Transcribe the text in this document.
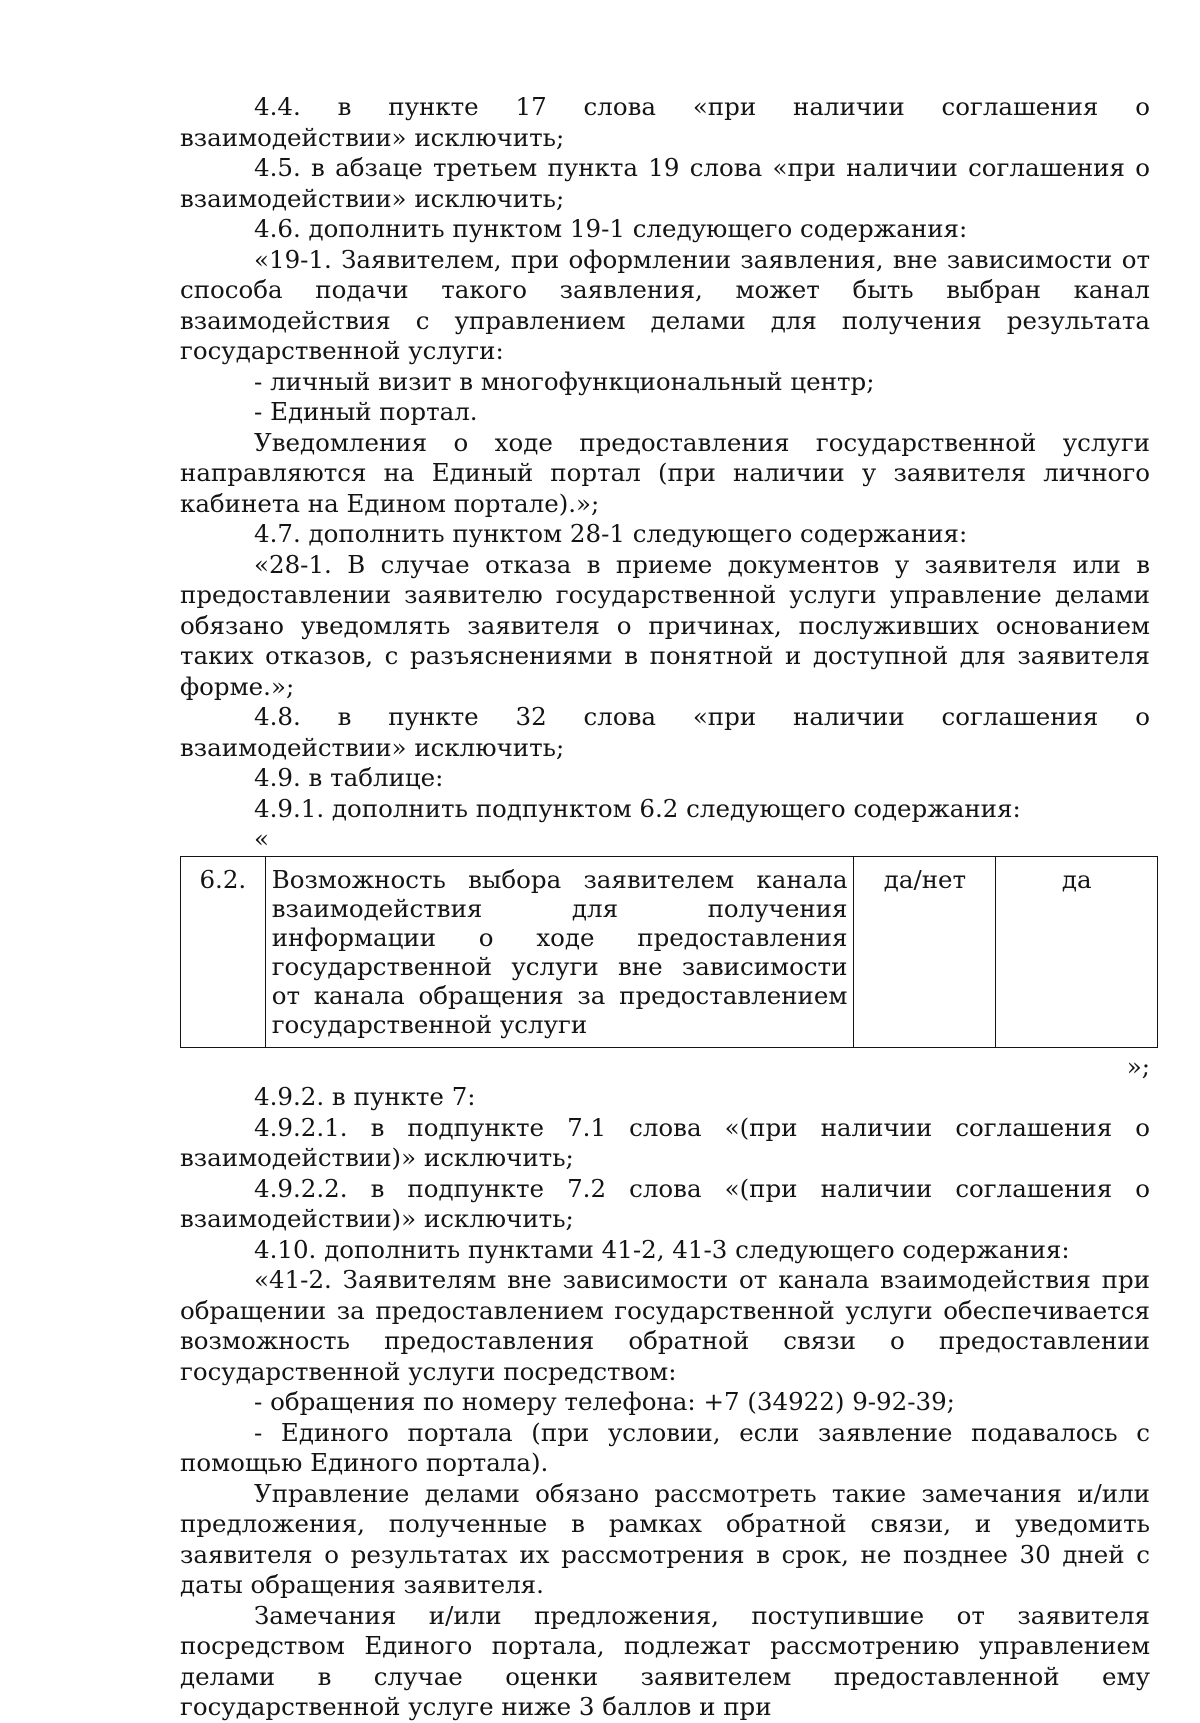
4.4. в пункте 17 слова «при наличии соглашения о взаимодействии» исключить;

4.5. в абзаце третьем пункта 19 слова «при наличии соглашения о взаимодействии» исключить;

4.6. дополнить пунктом 19-1 следующего содержания:

«19-1. Заявителем, при оформлении заявления, вне зависимости от способа подачи такого заявления, может быть выбран канал взаимодействия с управлением делами для получения результата государственной услуги:

- личный визит в многофункциональный центр;

- Единый портал.

Уведомления о ходе предоставления государственной услуги направляются на Единый портал (при наличии у заявителя личного кабинета на Едином портале).»;

4.7. дополнить пунктом 28-1 следующего содержания:

«28-1. В случае отказа в приеме документов у заявителя или в предоставлении заявителю государственной услуги управление делами обязано уведомлять заявителя о причинах, послуживших основанием таких отказов, с разъяснениями в понятной и доступной для заявителя форме.»;

4.8. в пункте 32 слова «при наличии соглашения о взаимодействии» исключить;

4.9. в таблице:

4.9.1. дополнить подпунктом 6.2 следующего содержания:

«

6.2.	Возможность выбора заявителем канала взаимодействия для получения информации о ходе предоставления государственной услуги вне зависимости от канала обращения за предоставлением государственной услуги	да/нет	да

»;

4.9.2. в пункте 7:

4.9.2.1. в подпункте 7.1 слова «(при наличии соглашения о взаимодействии)» исключить;

4.9.2.2. в подпункте 7.2 слова «(при наличии соглашения о взаимодействии)» исключить;

4.10. дополнить пунктами 41-2, 41-3 следующего содержания:

«41-2. Заявителям вне зависимости от канала взаимодействия при обращении за предоставлением государственной услуги обеспечивается возможность предоставления обратной связи о предоставлении государственной услуги посредством:

- обращения по номеру телефона: +7 (34922) 9-92-39;

- Единого портала (при условии, если заявление подавалось с помощью Единого портала).

Управление делами обязано рассмотреть такие замечания и/или предложения, полученные в рамках обратной связи, и уведомить заявителя о результатах их рассмотрения в срок, не позднее 30 дней с даты обращения заявителя.

Замечания и/или предложения, поступившие от заявителя посредством Единого портала, подлежат рассмотрению управлением делами в случае оценки заявителем предоставленной ему государственной услуге ниже 3 баллов и при
